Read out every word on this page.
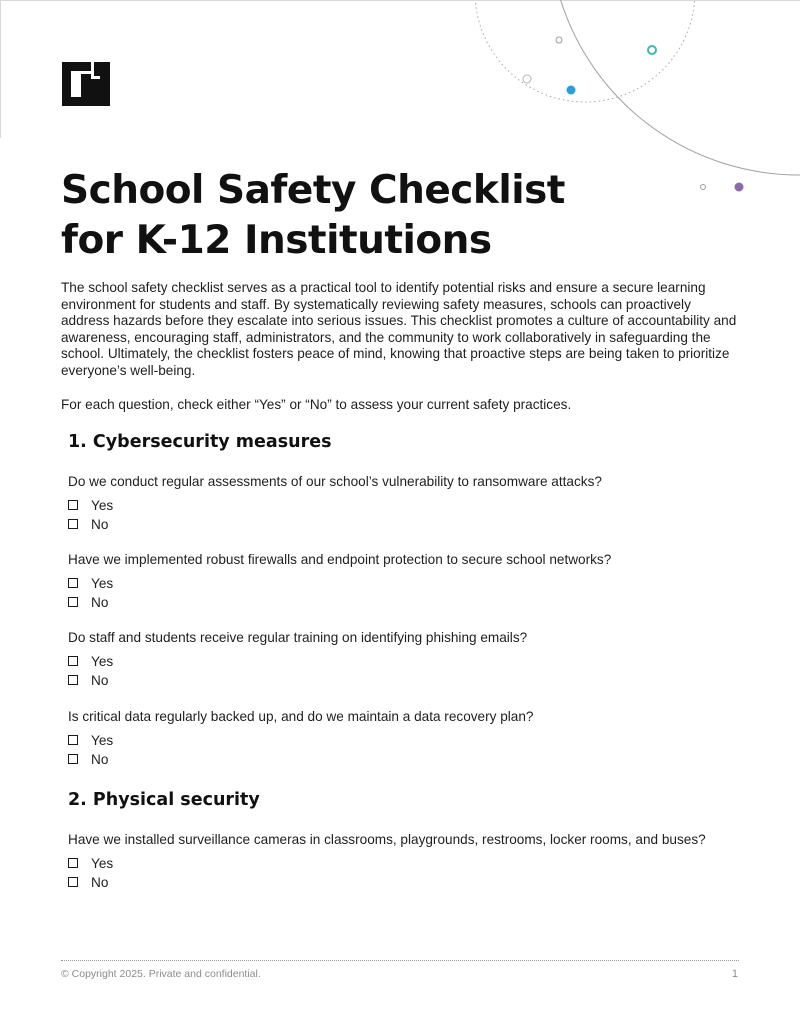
School Safety Checklist
for K-12 Institutions

The school safety checklist serves as a practical tool to identify potential risks and ensure a secure learning environment for students and staff. By systematically reviewing safety measures, schools can proactively address hazards before they escalate into serious issues. This checklist promotes a culture of accountability and awareness, encouraging staff, administrators, and the community to work collaboratively in safeguarding the school. Ultimately, the checklist fosters peace of mind, knowing that proactive steps are being taken to prioritize everyone’s well-being.

For each question, check either “Yes” or “No” to assess your current safety practices.

1. Cybersecurity measures

Do we conduct regular assessments of our school’s vulnerability to ransomware attacks?

Yes
No

Have we implemented robust firewalls and endpoint protection to secure school networks?

Yes
No

Do staff and students receive regular training on identifying phishing emails?

Yes
No

Is critical data regularly backed up, and do we maintain a data recovery plan?

Yes
No
2. Physical security

Have we installed surveillance cameras in classrooms, playgrounds, restrooms, locker rooms, and buses?

Yes
No
© Copyright 2025. Private and confidential.	1
